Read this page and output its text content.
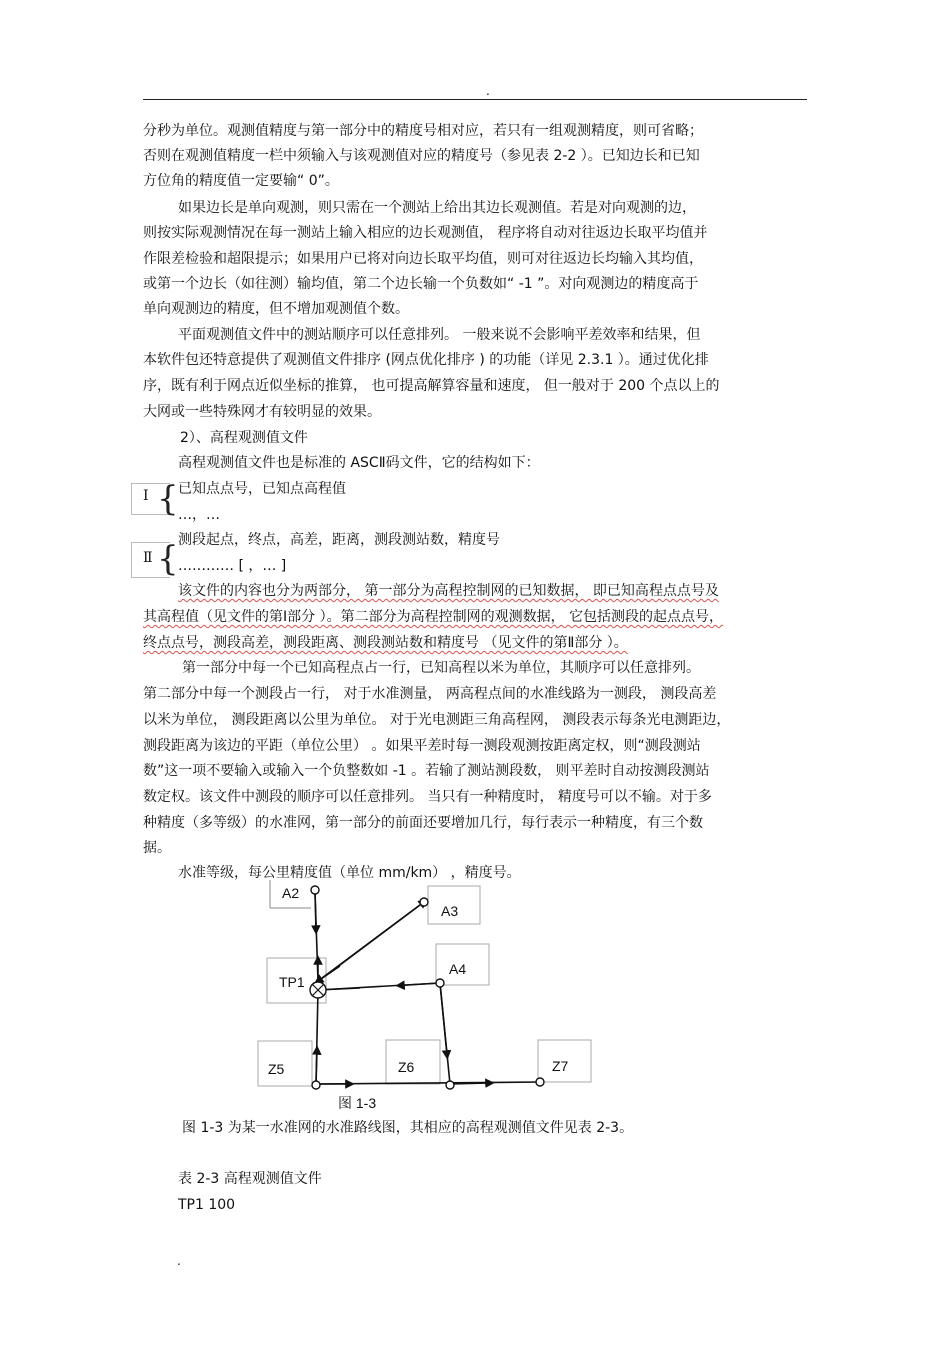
.
分秒为单位。观测值精度与第一部分中的精度号相对应，若只有一组观测精度，则可省略；
否则在观测值精度一栏中须输入与该观测值对应的精度号（参见表 2-2 ）。已知边长和已知
方位角的精度值一定要输“ 0”。
如果边长是单向观测，则只需在一个测站上给出其边长观测值。若是对向观测的边，
则按实际观测情况在每一测站上输入相应的边长观测值， 程序将自动对往返边长取平均值并
作限差检验和超限提示；如果用户已将对向边长取平均值，则可对往返边长均输入其均值，
或第一个边长（如往测）输均值，第二个边长输一个负数如“ -1 ”。对向观测边的精度高于
单向观测边的精度，但不增加观测值个数。
平面观测值文件中的测站顺序可以任意排列。 一般来说不会影响平差效率和结果，但
本软件包还特意提供了观测值文件排序 (网点优化排序 ) 的功能（详见 2.3.1 ）。通过优化排
序，既有利于网点近似坐标的推算， 也可提高解算容量和速度， 但一般对于 200 个点以上的
大网或一些特殊网才有较明显的效果。
2）、高程观测值文件
高程观测值文件也是标准的 ASCⅡ码文件，它的结构如下：
Ⅰ { 已知点点号，已知点高程值
…，…
Ⅱ { 测段起点，终点，高差，距离，测段测站数，精度号
………… [ ，… ]
该文件的内容也分为两部分， 第一部分为高程控制网的已知数据， 即已知高程点点号及
其高程值（见文件的第Ⅰ部分 ）。第二部分为高程控制网的观测数据， 它包括测段的起点点号，
终点点号，测段高差，测段距离、测段测站数和精度号 （见文件的第Ⅱ部分 ）。
第一部分中每一个已知高程点占一行，已知高程以米为单位，其顺序可以任意排列。
第二部分中每一个测段占一行， 对于水准测量， 两高程点间的水准线路为一测段， 测段高差
以米为单位， 测段距离以公里为单位。 对于光电测距三角高程网， 测段表示每条光电测距边，
测段距离为该边的平距（单位公里） 。如果平差时每一测段观测按距离定权，则“测段测站
数”这一项不要输入或输入一个负整数如 -1 。若输了测站测段数， 则平差时自动按测段测站
数定权。该文件中测段的顺序可以任意排列。 当只有一种精度时， 精度号可以不输。对于多
种精度（多等级）的水准网，第一部分的前面还要增加几行，每行表示一种精度，有三个数
据。
水准等级，每公里精度值（单位 mm/km） ，精度号。
A2
A3
A4
TP1
Z5	Z6	Z7
图 1-3
图 1-3 为某一水准网的水准路线图，其相应的高程观测值文件见表 2-3。
表 2-3 高程观测值文件
TP1 100
.
